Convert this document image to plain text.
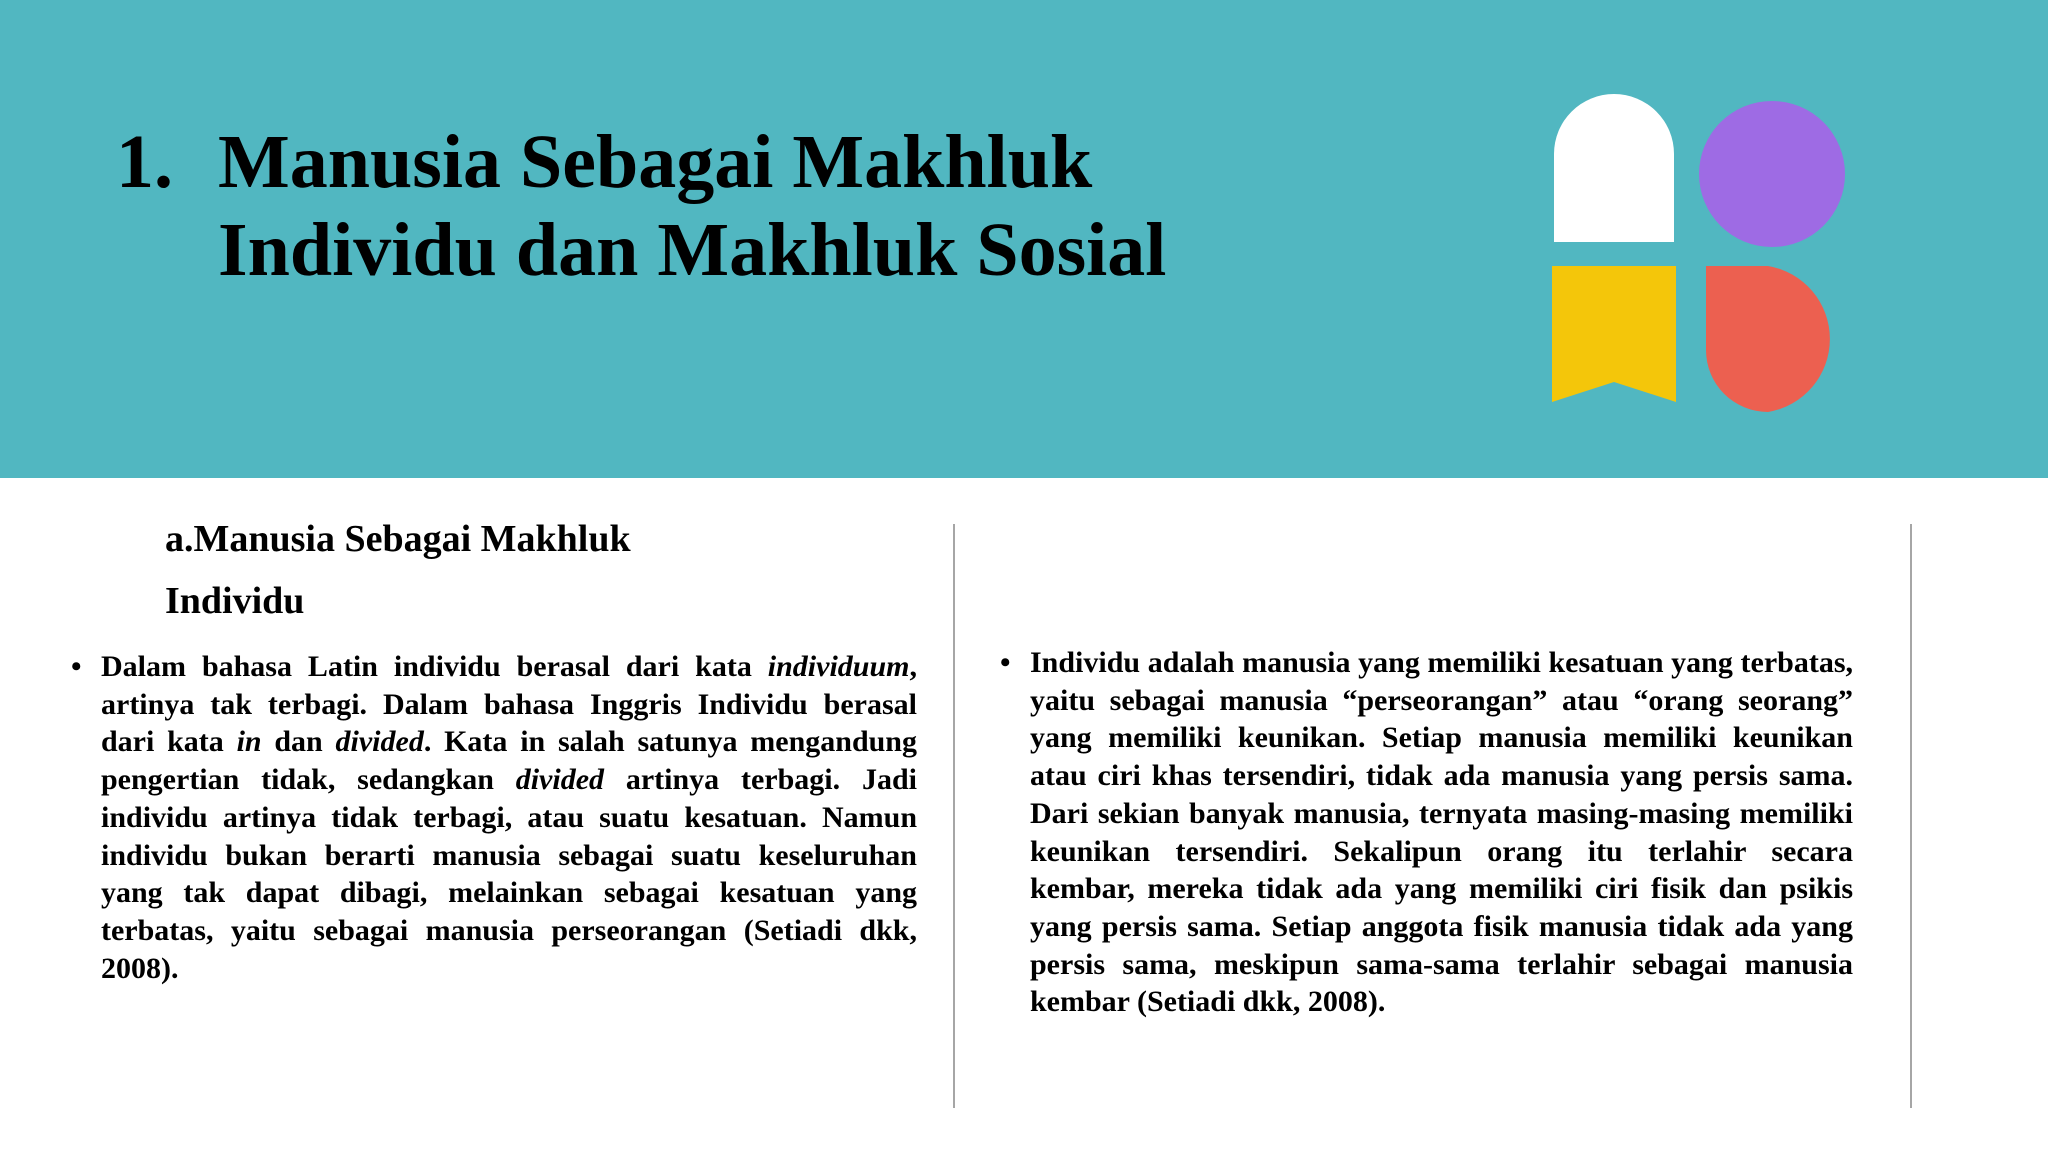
1. Manusia Sebagai Makhluk
Individu dan Makhluk Sosial
a.Manusia Sebagai Makhluk
Individu

• Dalam bahasa Latin individu berasal dari kata individuum, artinya tak terbagi. Dalam bahasa Inggris Individu berasal dari kata in dan divided. Kata in salah satunya mengandung pengertian tidak, sedangkan divided artinya terbagi. Jadi individu artinya tidak terbagi, atau suatu kesatuan. Namun individu bukan berarti manusia sebagai suatu keseluruhan yang tak dapat dibagi, melainkan sebagai kesatuan yang terbatas, yaitu sebagai manusia perseorangan (Setiadi dkk, 2008).

• Individu adalah manusia yang memiliki kesatuan yang terbatas, yaitu sebagai manusia “perseorangan” atau “orang seorang” yang memiliki keunikan. Setiap manusia memiliki keunikan atau ciri khas tersendiri, tidak ada manusia yang persis sama. Dari sekian banyak manusia, ternyata masing-masing memiliki keunikan tersendiri. Sekalipun orang itu terlahir secara kembar, mereka tidak ada yang memiliki ciri fisik dan psikis yang persis sama. Setiap anggota fisik manusia tidak ada yang persis sama, meskipun sama-sama terlahir sebagai manusia kembar (Setiadi dkk, 2008).
